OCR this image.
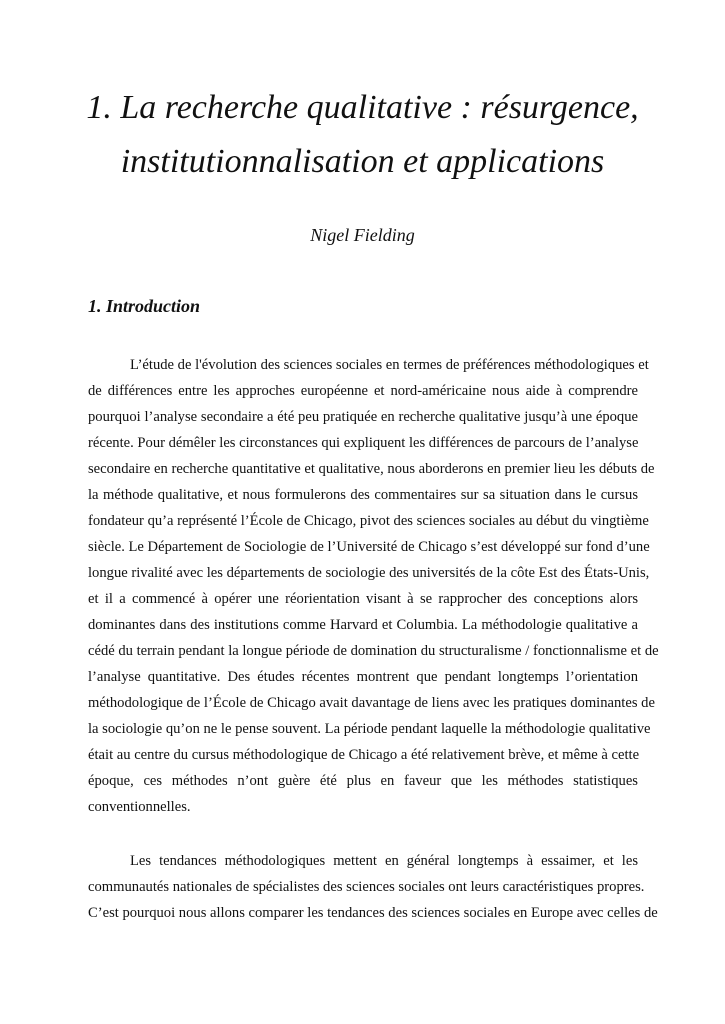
1. La recherche qualitative : résurgence,
institutionnalisation et applications

Nigel Fielding

1. Introduction

L’étude de l'évolution des sciences sociales en termes de préférences méthodologiques et

de différences entre les approches européenne et nord-américaine nous aide à comprendre

pourquoi l’analyse secondaire a été peu pratiquée en recherche qualitative jusqu’à une époque

récente. Pour démêler les circonstances qui expliquent les différences de parcours de l’analyse

secondaire en recherche quantitative et qualitative, nous aborderons en premier lieu les débuts de

la méthode qualitative, et nous formulerons des commentaires sur sa situation dans le cursus

fondateur qu’a représenté l’École de Chicago, pivot des sciences sociales au début du vingtième

siècle. Le Département de Sociologie de l’Université de Chicago s’est développé sur fond d’une

longue rivalité avec les départements de sociologie des universités de la côte Est des États-Unis,

et il a commencé à opérer une réorientation visant à se rapprocher des conceptions alors

dominantes dans des institutions comme Harvard et Columbia. La méthodologie qualitative a

cédé du terrain pendant la longue période de domination du structuralisme / fonctionnalisme et de

l’analyse quantitative. Des études récentes montrent que pendant longtemps l’orientation

méthodologique de l’École de Chicago avait davantage de liens avec les pratiques dominantes de

la sociologie qu’on ne le pense souvent. La période pendant laquelle la méthodologie qualitative

était au centre du cursus méthodologique de Chicago a été relativement brève, et même à cette

époque, ces méthodes n’ont guère été plus en faveur que les méthodes statistiques

conventionnelles.

Les tendances méthodologiques mettent en général longtemps à essaimer, et les

communautés nationales de spécialistes des sciences sociales ont leurs caractéristiques propres.

C’est pourquoi nous allons comparer les tendances des sciences sociales en Europe avec celles de
